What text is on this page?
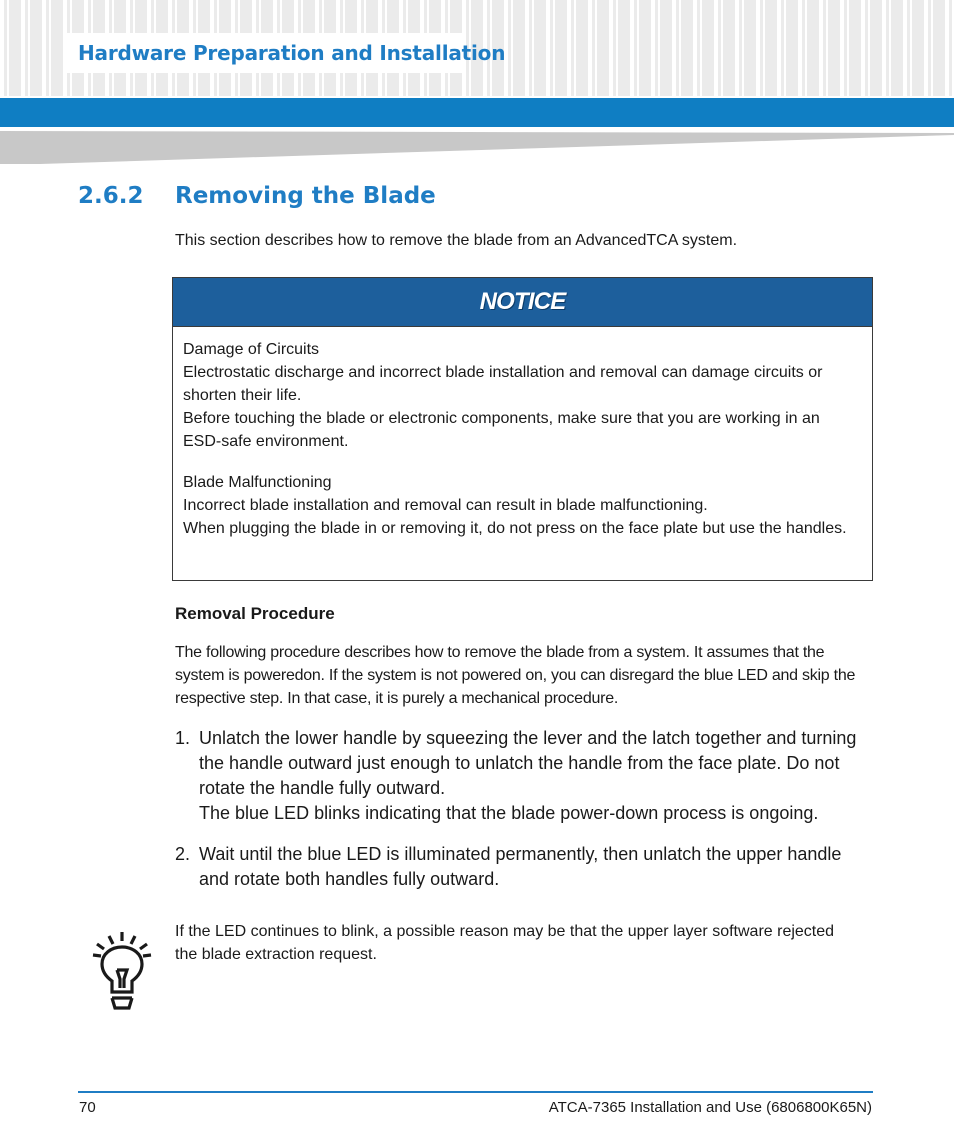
Hardware Preparation and Installation
2.6.2 Removing the Blade
This section describes how to remove the blade from an AdvancedTCA system.
NOTICE

Damage of Circuits

Electrostatic discharge and incorrect blade installation and removal can damage circuits or shorten their life.

Before touching the blade or electronic components, make sure that you are working in an ESD-safe environment.

Blade Malfunctioning

Incorrect blade installation and removal can result in blade malfunctioning.

When plugging the blade in or removing it, do not press on the face plate but use the handles.

Removal Procedure
The following procedure describes how to remove the blade from a system. It assumes that the system is poweredon. If the system is not powered on, you can disregard the blue LED and skip the respective step. In that case, it is purely a mechanical procedure.
1. Unlatch the lower handle by squeezing the lever and the latch together and turning the handle outward just enough to unlatch the handle from the face plate. Do not rotate the handle fully outward.
The blue LED blinks indicating that the blade power-down process is ongoing.
2. Wait until the blue LED is illuminated permanently, then unlatch the upper handle and rotate both handles fully outward.
If the LED continues to blink, a possible reason may be that the upper layer software rejected the blade extraction request.
70	ATCA-7365 Installation and Use (6806800K65N)
